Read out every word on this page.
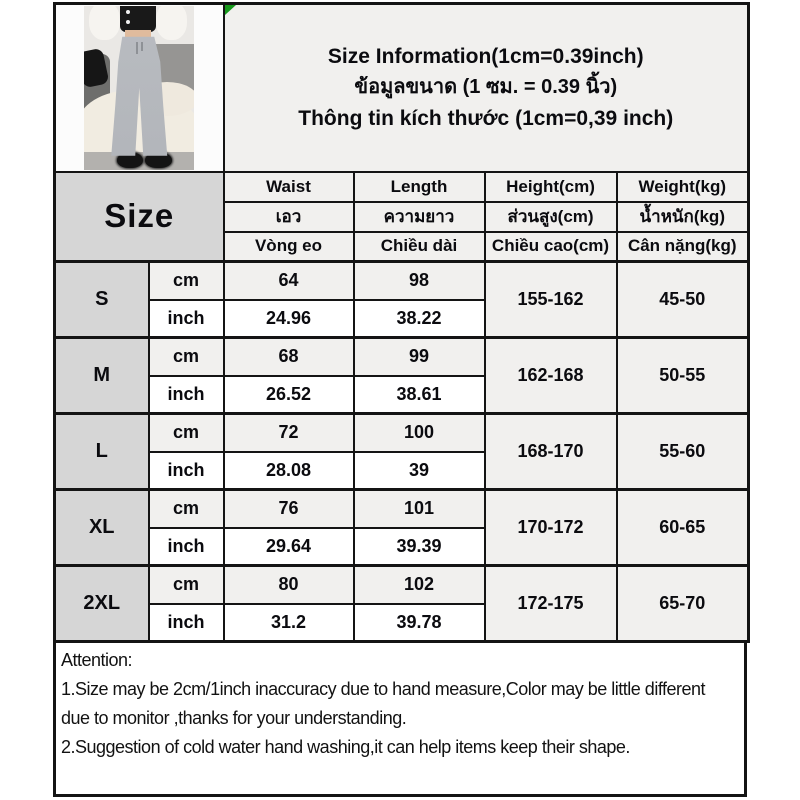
		Size Information(1cm=0.39inch)
ข้อมูลขนาด (1 ซม. = 0.39 นิ้ว)
Thông tin kích thước (1cm=0,39 inch)			

Size		Waist	Length	Height(cm)	Weight(kg)
		เอว	ความยาว	ส่วนสูง(cm)	น้ำหนัก(kg)
		Vòng eo	Chiều dài	Chiều cao(cm)	Cân nặng(kg)
S	cm	64	98	155-162	45-50
	inch	24.96	38.22		
M	cm	68	99	162-168	50-55
	inch	26.52	38.61		
L	cm	72	100	168-170	55-60
	inch	28.08	39		
XL	cm	76	101	170-172	60-65
	inch	29.64	39.39		
2XL	cm	80	102	172-175	65-70
	inch	31.2	39.78		

Attention:

1.Size may be 2cm/1inch inaccuracy due to hand measure,Color may be little different due to monitor ,thanks for your understanding.

2.Suggestion of cold water hand washing,it can help items keep their shape.
